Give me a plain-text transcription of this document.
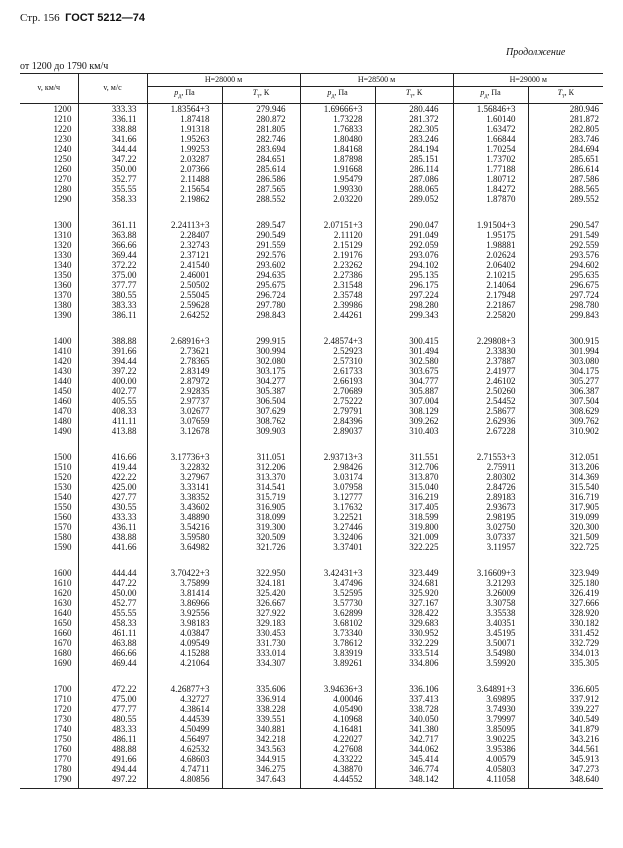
Стр. 156 ГОСТ 5212—74
Продолжение
от 1200 до 1790 км/ч
v, км/ч	v, м/с	H=28000 м		H=28500 м		H=29000 м	
		$p_д$, Па	$T_т$, К	$p_д$, Па	$T_т$, К	$p_д$, Па	$T_т$, К
1200	333.33	1.83564+3	279.946	1.69666+3	280.446	1.56846+3	280.946
1210	336.11	1.87418	280.872	1.73228	281.372	1.60140	281.872
1220	338.88	1.91318	281.805	1.76833	282.305	1.63472	282.805
1230	341.66	1.95263	282.746	1.80480	283.246	1.66844	283.746
1240	344.44	1.99253	283.694	1.84168	284.194	1.70254	284.694
1250	347.22	2.03287	284.651	1.87898	285.151	1.73702	285.651
1260	350.00	2.07366	285.614	1.91668	286.114	1.77188	286.614
1270	352.77	2.11488	286.586	1.95479	287.086	1.80712	287.586
1280	355.55	2.15654	287.565	1.99330	288.065	1.84272	288.565
1290	358.33	2.19862	288.552	2.03220	289.052	1.87870	289.552

1300	361.11	2.24113+3	289.547	2.07151+3	290.047	1.91504+3	290.547
1310	363.88	2.28407	290.549	2.11120	291.049	1.95175	291.549
1320	366.66	2.32743	291.559	2.15129	292.059	1.98881	292.559
1330	369.44	2.37121	292.576	2.19176	293.076	2.02624	293.576
1340	372.22	2.41540	293.602	2.23262	294.102	2.06402	294.602
1350	375.00	2.46001	294.635	2.27386	295.135	2.10215	295.635
1360	377.77	2.50502	295.675	2.31548	296.175	2.14064	296.675
1370	380.55	2.55045	296.724	2.35748	297.224	2.17948	297.724
1380	383.33	2.59628	297.780	2.39986	298.280	2.21867	298.780
1390	386.11	2.64252	298.843	2.44261	299.343	2.25820	299.843

1400	388.88	2.68916+3	299.915	2.48574+3	300.415	2.29808+3	300.915
1410	391.66	2.73621	300.994	2.52923	301.494	2.33830	301.994
1420	394.44	2.78365	302.080	2.57310	302.580	2.37887	303.080
1430	397.22	2.83149	303.175	2.61733	303.675	2.41977	304.175
1440	400.00	2.87972	304.277	2.66193	304.777	2.46102	305.277
1450	402.77	2.92835	305.387	2.70689	305.887	2.50260	306.387
1460	405.55	2.97737	306.504	2.75222	307.004	2.54452	307.504
1470	408.33	3.02677	307.629	2.79791	308.129	2.58677	308.629
1480	411.11	3.07659	308.762	2.84396	309.262	2.62936	309.762
1490	413.88	3.12678	309.903	2.89037	310.403	2.67228	310.902

1500	416.66	3.17736+3	311.051	2.93713+3	311.551	2.71553+3	312.051
1510	419.44	3.22832	312.206	2.98426	312.706	2.75911	313.206
1520	422.22	3.27967	313.370	3.03174	313.870	2.80302	314.369
1530	425.00	3.33141	314.541	3.07958	315.040	2.84726	315.540
1540	427.77	3.38352	315.719	3.12777	316.219	2.89183	316.719
1550	430.55	3.43602	316.905	3.17632	317.405	2.93673	317.905
1560	433.33	3.48890	318.099	3.22521	318.599	2.98195	319.099
1570	436.11	3.54216	319.300	3.27446	319.800	3.02750	320.300
1580	438.88	3.59580	320.509	3.32406	321.009	3.07337	321.509
1590	441.66	3.64982	321.726	3.37401	322.225	3.11957	322.725

1600	444.44	3.70422+3	322.950	3.42431+3	323.449	3.16609+3	323.949
1610	447.22	3.75899	324.181	3.47496	324.681	3.21293	325.180
1620	450.00	3.81414	325.420	3.52595	325.920	3.26009	326.419
1630	452.77	3.86966	326.667	3.57730	327.167	3.30758	327.666
1640	455.55	3.92556	327.922	3.62899	328.422	3.35538	328.920
1650	458.33	3.98183	329.183	3.68102	329.683	3.40351	330.182
1660	461.11	4.03847	330.453	3.73340	330.952	3.45195	331.452
1670	463.88	4.09549	331.730	3.78612	332.229	3.50071	332.729
1680	466.66	4.15288	333.014	3.83919	333.514	3.54980	334.013
1690	469.44	4.21064	334.307	3.89261	334.806	3.59920	335.305

1700	472.22	4.26877+3	335.606	3.94636+3	336.106	3.64891+3	336.605
1710	475.00	4.32727	336.914	4.00046	337.413	3.69895	337.912
1720	477.77	4.38614	338.228	4.05490	338.728	3.74930	339.227
1730	480.55	4.44539	339.551	4.10968	340.050	3.79997	340.549
1740	483.33	4.50499	340.881	4.16481	341.380	3.85095	341.879
1750	486.11	4.56497	342.218	4.22027	342.717	3.90225	343.216
1760	488.88	4.62532	343.563	4.27608	344.062	3.95386	344.561
1770	491.66	4.68603	344.915	4.33222	345.414	4.00579	345.913
1780	494.44	4.74711	346.275	4.38870	346.774	4.05803	347.273
1790	497.22	4.80856	347.643	4.44552	348.142	4.11058	348.640
